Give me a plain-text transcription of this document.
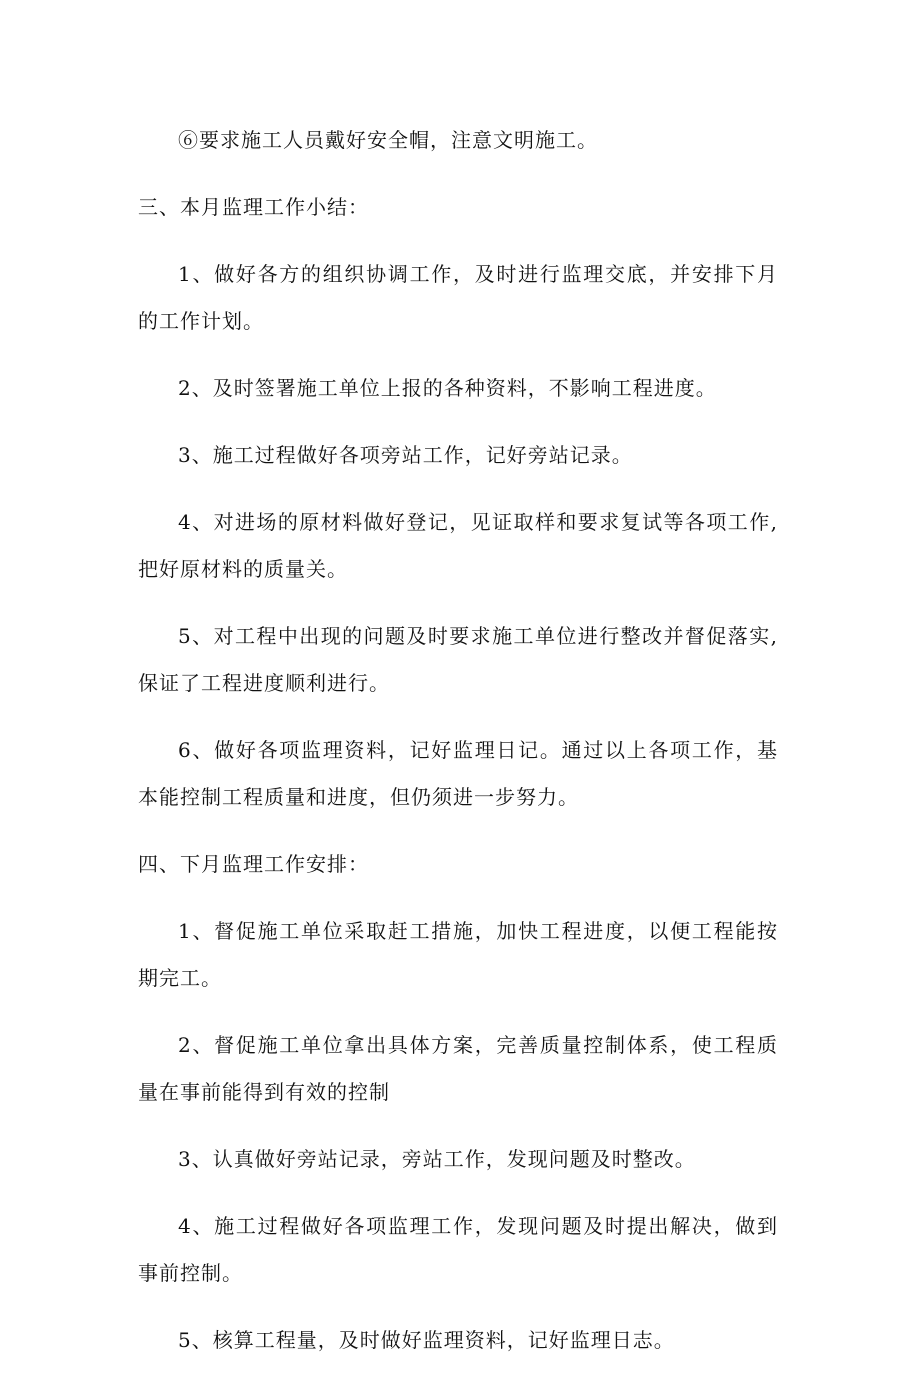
⑥要求施工人员戴好安全帽，注意文明施工。

三、本月监理工作小结：

1、做好各方的组织协调工作，及时进行监理交底，并安排下月的工作计划。

2、及时签署施工单位上报的各种资料，不影响工程进度。

3、施工过程做好各项旁站工作，记好旁站记录。

4、对进场的原材料做好登记，见证取样和要求复试等各项工作,把好原材料的质量关。

5、对工程中出现的问题及时要求施工单位进行整改并督促落实,保证了工程进度顺利进行。

6、做好各项监理资料，记好监理日记。通过以上各项工作，基本能控制工程质量和进度，但仍须进一步努力。

四、下月监理工作安排：

1、督促施工单位采取赶工措施，加快工程进度，以便工程能按期完工。

2、督促施工单位拿出具体方案，完善质量控制体系，使工程质量在事前能得到有效的控制

3、认真做好旁站记录，旁站工作，发现问题及时整改。

4、施工过程做好各项监理工作，发现问题及时提出解决，做到事前控制。

5、核算工程量，及时做好监理资料，记好监理日志。
